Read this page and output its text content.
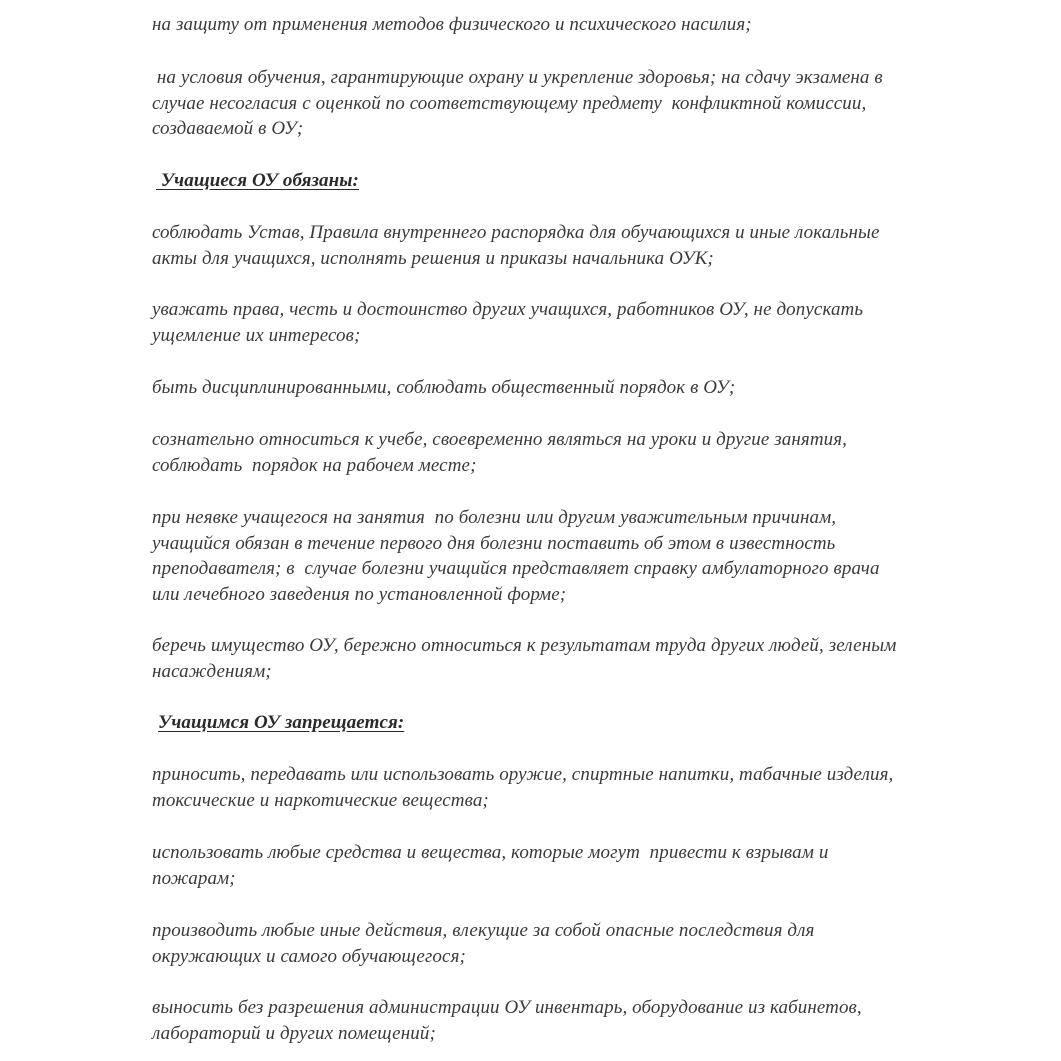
на защиту от применения методов физического и психического насилия;

на условия обучения, гарантирующие охрану и укрепление здоровья; на сдачу экзамена в
случае несогласия с оценкой по соответствующему предмету  конфликтной комиссии,
создаваемой в ОУ;

Учащиеся ОУ обязаны:

соблюдать Устав, Правила внутреннего распорядка для обучающихся и иные локальные
акты для учащихся, исполнять решения и приказы начальника ОУК;

уважать права, честь и достоинство других учащихся, работников ОУ, не допускать
ущемление их интересов;

быть дисциплинированными, соблюдать общественный порядок в ОУ;

сознательно относиться к учебе, своевременно являться на уроки и другие занятия,
соблюдать  порядок на рабочем месте;

при неявке учащегося на занятия  по болезни или другим уважительным причинам,
учащийся обязан в течение первого дня болезни поставить об этом в известность
преподавателя; в  случае болезни учащийся представляет справку амбулаторного врача
или лечебного заведения по установленной форме;

беречь имущество ОУ, бережно относиться к результатам труда других людей, зеленым
насаждениям;

Учащимся ОУ запрещается:

приносить, передавать или использовать оружие, спиртные напитки, табачные изделия,
токсические и наркотические вещества;

использовать любые средства и вещества, которые могут  привести к взрывам и
пожарам;

производить любые иные действия, влекущие за собой опасные последствия для
окружающих и самого обучающегося;

выносить без разрешения администрации ОУ инвентарь, оборудование из кабинетов,
лабораторий и других помещений;
